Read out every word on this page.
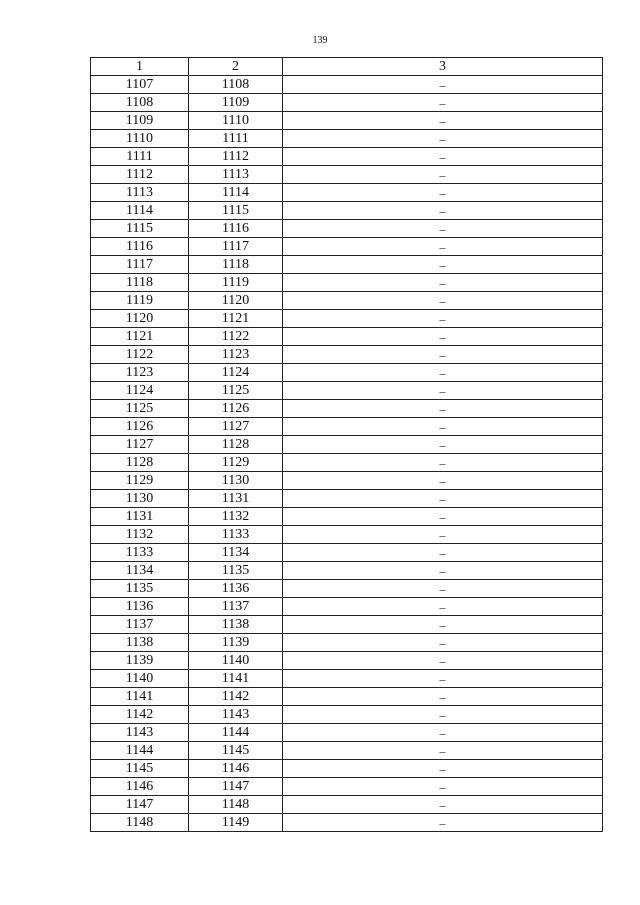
139
1	2	3
1107	1108	–
1108	1109	–
1109	1110	–
1110	1111	–
1111	1112	–
1112	1113	–
1113	1114	–
1114	1115	–
1115	1116	–
1116	1117	–
1117	1118	–
1118	1119	–
1119	1120	–
1120	1121	–
1121	1122	–
1122	1123	–
1123	1124	–
1124	1125	–
1125	1126	–
1126	1127	–
1127	1128	–
1128	1129	–
1129	1130	–
1130	1131	–
1131	1132	–
1132	1133	–
1133	1134	–
1134	1135	–
1135	1136	–
1136	1137	–
1137	1138	–
1138	1139	–
1139	1140	–
1140	1141	–
1141	1142	–
1142	1143	–
1143	1144	–
1144	1145	–
1145	1146	–
1146	1147	–
1147	1148	–
1148	1149	–
